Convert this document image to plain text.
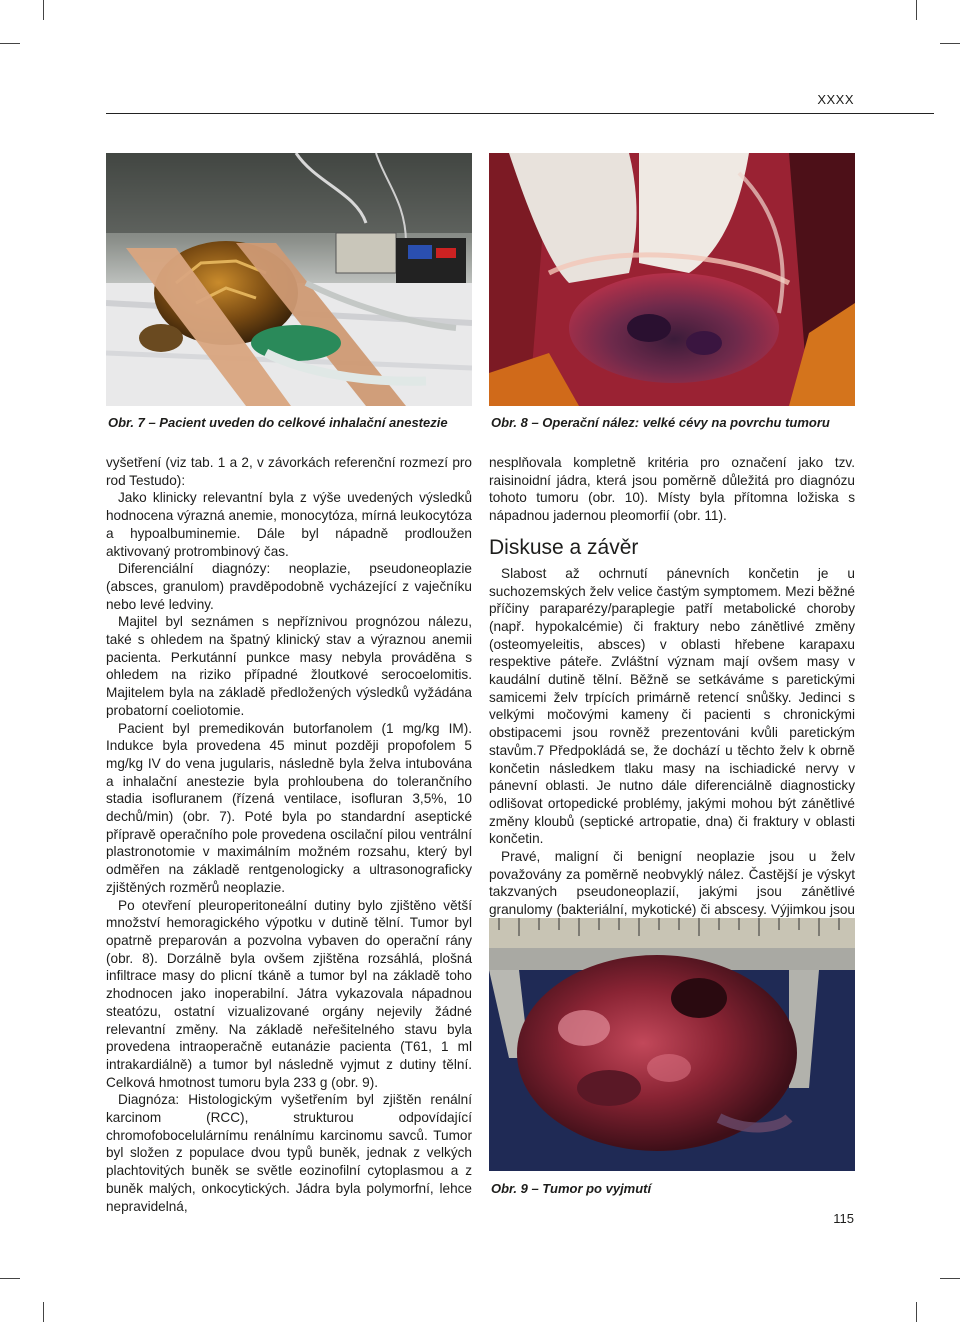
XXXX
Obr. 7 – Pacient uveden do celkové inhalační anestezie	Obr. 8 – Operační nález: velké cévy na povrchu tumoru

vyšetření (viz tab. 1 a 2, v závorkách referenční rozmezí pro rod Testudo):

Jako klinicky relevantní byla z výše uvedených výsledků hodnocena výrazná anemie, monocytóza, mírná leukocytóza a hypoalbuminemie. Dále byl nápadně prodloužen aktivovaný protrombinový čas.

Diferenciální diagnózy: neoplazie, pseudoneoplazie (absces, granulom) pravděpodobně vycházející z vaječníku nebo levé ledviny.

Majitel byl seznámen s nepříznivou prognózou nálezu, také s ohledem na špatný klinický stav a výraznou anemii pacienta. Perkutánní punkce masy nebyla prováděna s ohledem na riziko případné žloutkové serocoelomitis. Majitelem byla na základě předložených výsledků vyžádána probatorní coeliotomie.

Pacient byl premedikován butorfanolem (1 mg/kg IM). Indukce byla provedena 45 minut později propofolem 5 mg/kg IV do vena jugularis, následně byla želva intubována a inhalační anestezie byla prohloubena do tolerančního stadia isofluranem (řízená ventilace, isofluran 3,5%, 10 dechů/min) (obr. 7). Poté byla po standardní aseptické přípravě operačního pole provedena oscilační pilou ventrální plastronotomie v maximálním možném rozsahu, který byl odměřen na základě rentgenologicky a ultrasonograficky zjištěných rozměrů neoplazie.

Po otevření pleuroperitoneální dutiny bylo zjištěno větší množství hemoragického výpotku v dutině tělní. Tumor byl opatrně preparován a pozvolna vybaven do operační rány (obr. 8). Dorzálně byla ovšem zjištěna rozsáhlá, plošná infiltrace masy do plicní tkáně a tumor byl na základě toho zhodnocen jako inoperabilní. Játra vykazovala nápadnou steatózu, ostatní vizualizované orgány nejevily žádné relevantní změny. Na základě neřešitelného stavu byla provedena intraoperačně eutanázie pacienta (T61, 1 ml intrakardiálně) a tumor byl následně vyjmut z dutiny tělní. Celková hmotnost tumoru byla 233 g (obr. 9).

Diagnóza: Histologickým vyšetřením byl zjištěn renální karcinom (RCC), strukturou odpovídající chromofobocelulárnímu renálnímu karcinomu savců. Tumor byl složen z populace dvou typů buněk, jednak z velkých plachtovitých buněk se světle eozinofilní cytoplasmou a z buněk malých, onkocytických. Jádra byla polymorfní, lehce nepravidelná,

nesplňovala kompletně kritéria pro označení jako tzv. raisinoidní jádra, která jsou poměrně důležitá pro diagnózu tohoto tumoru (obr. 10). Místy byla přítomna ložiska s nápadnou jadernou pleomorfií (obr. 11).

Diskuse a závěr

Slabost až ochrnutí pánevních končetin je u suchozemských želv velice častým symptomem. Mezi běžné příčiny paraparézy/paraplegie patří metabolické choroby (např. hypokalcémie) či fraktury nebo zánětlivé změny (osteomyeleitis, absces) v oblasti hřebene karapaxu respektive páteře. Zvláštní význam mají ovšem masy v kaudální dutině tělní. Běžně se setkáváme s paretickými samicemi želv trpících primárně retencí snůšky. Jedinci s velkými močovými kameny či pacienti s chronickými obstipacemi jsou rovněž prezentováni kvůli paretickým stavům.7 Předpokládá se, že dochází u těchto želv k obrně končetin následkem tlaku masy na ischiadické nervy v pánevní oblasti. Je nutno dále diferenciálně diagnosticky odlišovat ortopedické problémy, jakými mohou být zánětlivé změny kloubů (septické artropatie, dna) či fraktury v oblasti končetin.

Pravé, maligní či benigní neoplazie jsou u želv považovány za poměrně neobvyklý nález. Častější je výskyt takzvaných pseudoneoplazií, jakými jsou zánětlivé granulomy (bakteriální, mykotické) či abscesy. Výjimkou jsou

Obr. 9 – Tumor po vyjmutí
115
